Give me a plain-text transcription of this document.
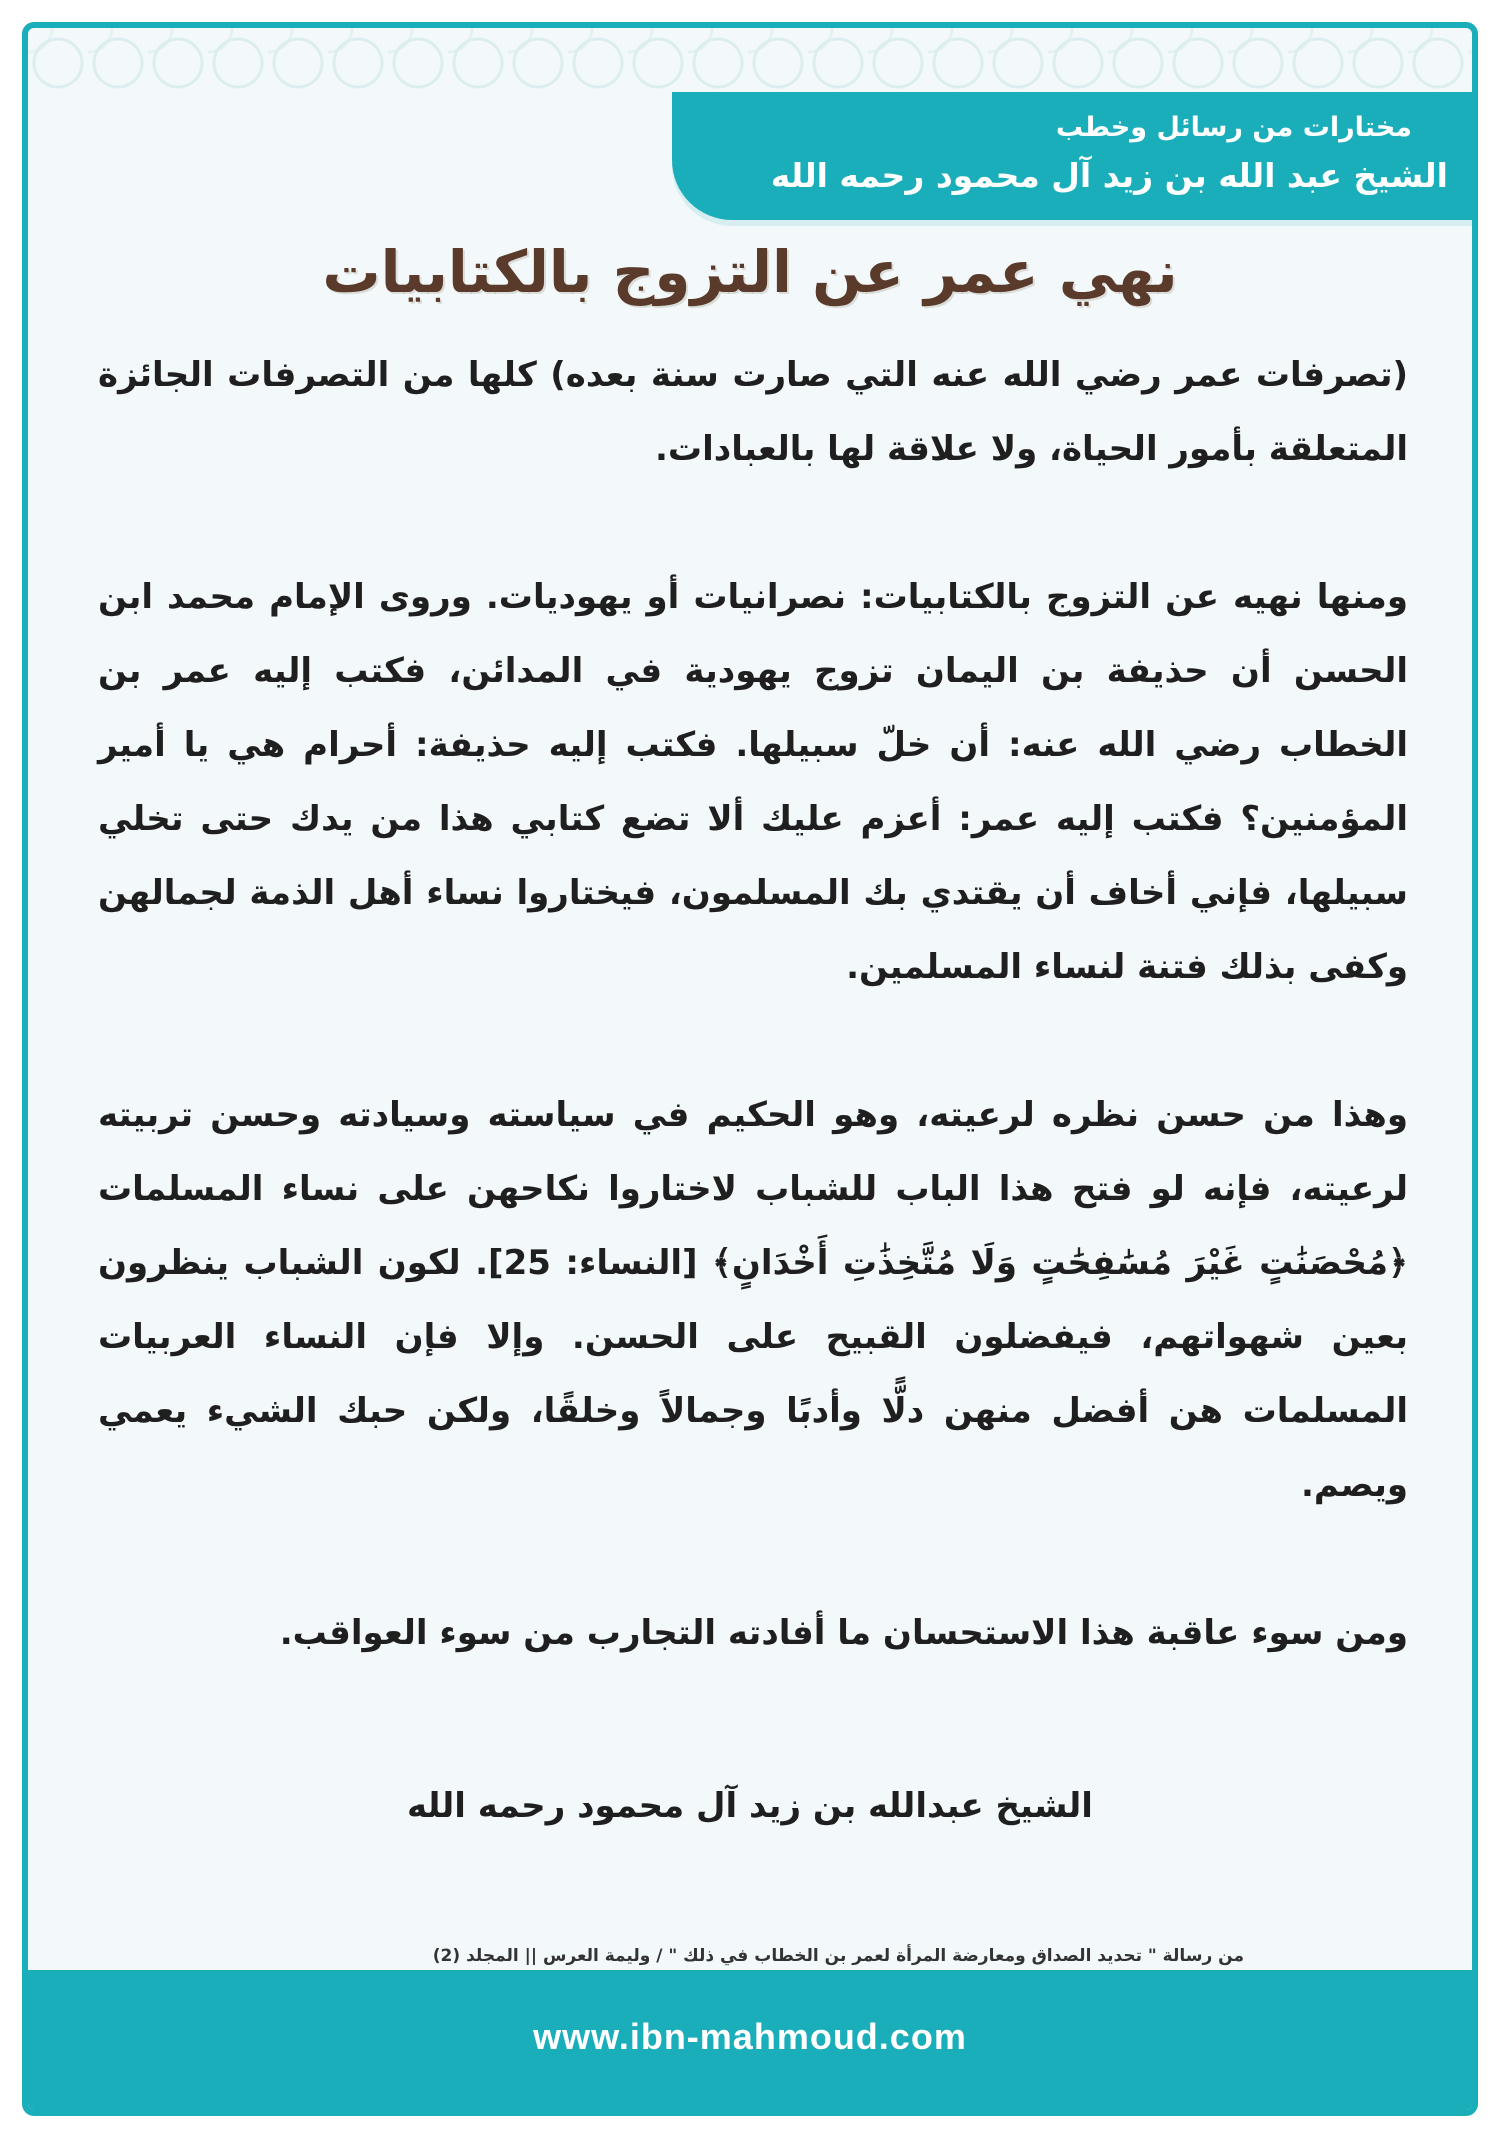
مختارات من رسائل وخطب
الشيخ عبد الله بن زيد آل محمود رحمه الله
نهي عمر عن التزوج بالكتابيات

(تصرفات عمر رضي الله عنه التي صارت سنة بعده) كلها من التصرفات الجائزة المتعلقة بأمور الحياة، ولا علاقة لها بالعبادات.

ومنها نهيه عن التزوج بالكتابيات: نصرانيات أو يهوديات. وروى الإمام محمد ابن الحسن أن حذيفة بن اليمان تزوج يهودية في المدائن، فكتب إليه عمر بن الخطاب رضي الله عنه: أن خلّ سبيلها. فكتب إليه حذيفة: أحرام هي يا أمير المؤمنين؟ فكتب إليه عمر: أعزم عليك ألا تضع كتابي هذا من يدك حتى تخلي سبيلها، فإني أخاف أن يقتدي بك المسلمون، فيختاروا نساء أهل الذمة لجمالهن وكفى بذلك فتنة لنساء المسلمين.

وهذا من حسن نظره لرعيته، وهو الحكيم في سياسته وسيادته وحسن تربيته لرعيته، فإنه لو فتح هذا الباب للشباب لاختاروا نكاحهن على نساء المسلمات ﴿مُحْصَنَٰتٍ غَيْرَ مُسَٰفِحَٰتٍ وَلَا مُتَّخِذَٰتِ أَخْدَانٍ﴾ [النساء: 25]. لكون الشباب ينظرون بعين شهواتهم، فيفضلون القبيح على الحسن. وإلا فإن النساء العربيات المسلمات هن أفضل منهن دلًّا وأدبًا وجمالاً وخلقًا، ولكن حبك الشيء يعمي ويصم.

ومن سوء عاقبة هذا الاستحسان ما أفادته التجارب من سوء العواقب.

الشيخ عبدالله بن زيد آل محمود رحمه الله
من رسالة " تحديد الصداق ومعارضة المرأة لعمر بن الخطاب في ذلك " / وليمة العرس || المجلد (2)
www.ibn-mahmoud.com
